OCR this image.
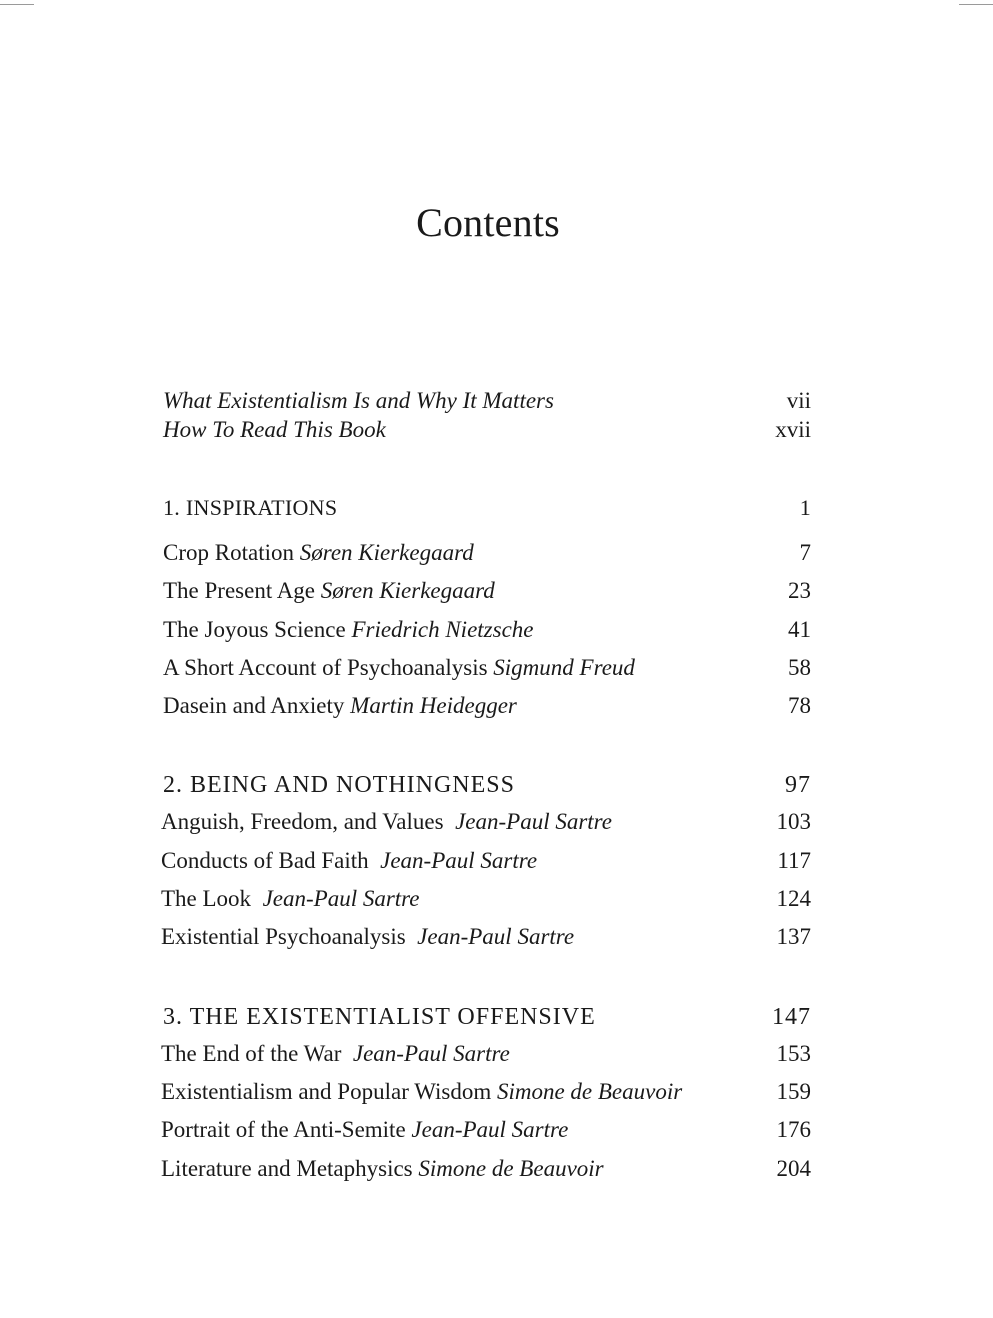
Contents
What Existentialism Is and Why It Matters	vii
How To Read This Book	xvii
1. INSPIRATIONS	1
Crop Rotation Søren Kierkegaard	7
The Present Age Søren Kierkegaard	23
The Joyous Science Friedrich Nietzsche	41
A Short Account of Psychoanalysis Sigmund Freud	58
Dasein and Anxiety Martin Heidegger	78
2. BEING AND NOTHINGNESS	97
Anguish, Freedom, and Values Jean-Paul Sartre	103
Conducts of Bad Faith Jean-Paul Sartre	117
The Look Jean-Paul Sartre	124
Existential Psychoanalysis Jean-Paul Sartre	137
3. THE EXISTENTIALIST OFFENSIVE	147
The End of the War Jean-Paul Sartre	153
Existentialism and Popular Wisdom Simone de Beauvoir	159
Portrait of the Anti-Semite Jean-Paul Sartre	176
Literature and Metaphysics Simone de Beauvoir	204
